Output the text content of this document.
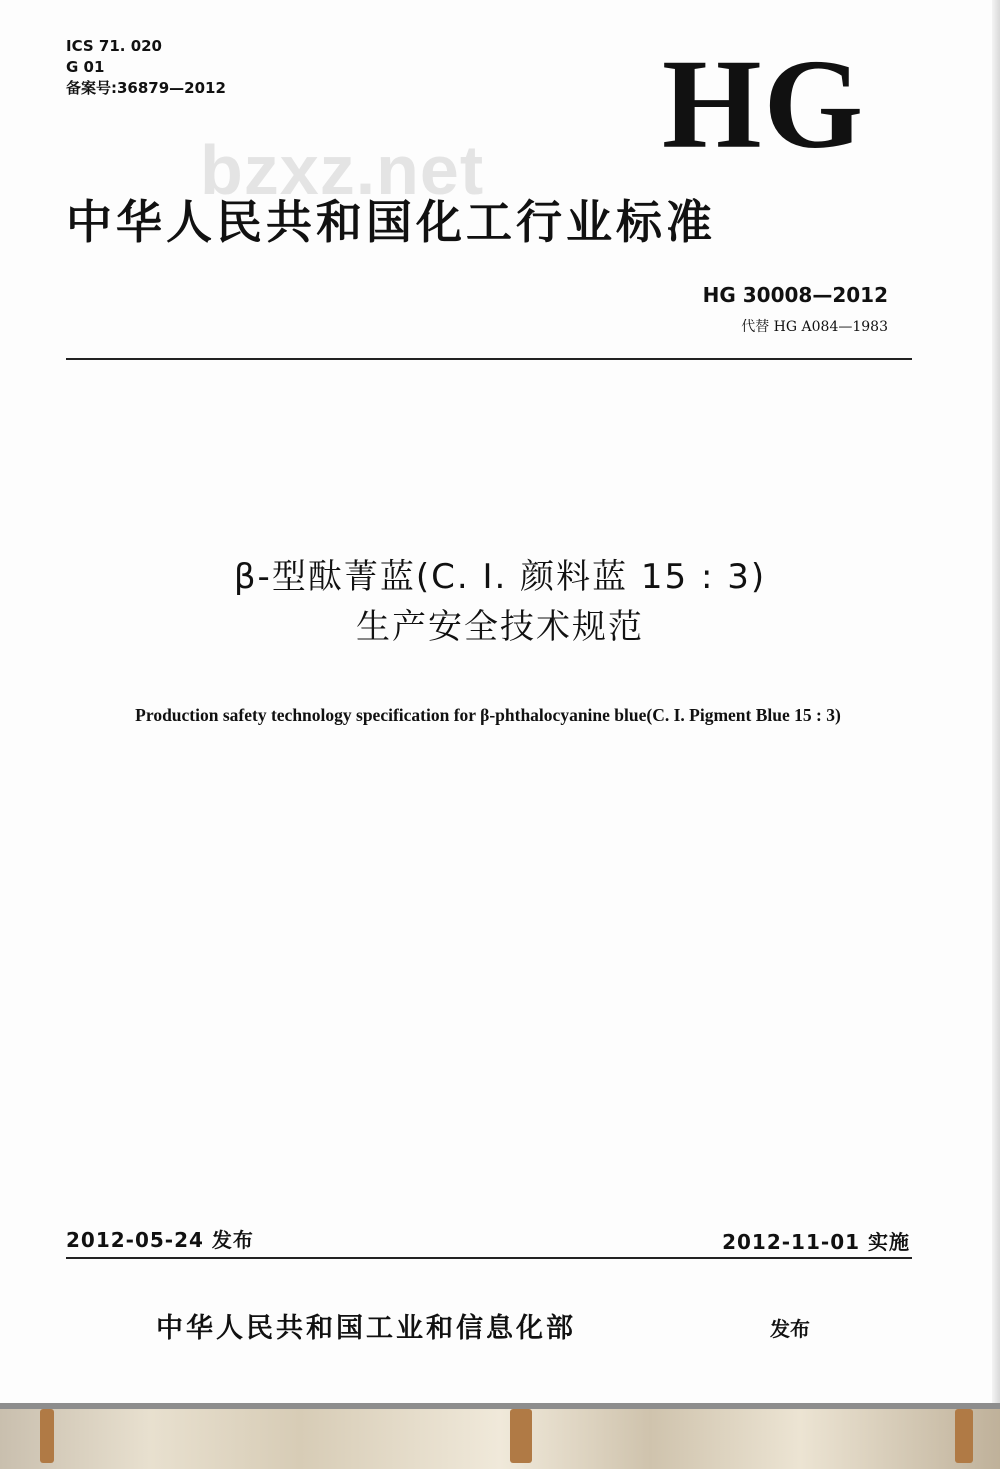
ICS 71. 020
G 01
备案号:36879—2012	HG
bzxz.net
中华人民共和国化工行业标准
HG 30008—2012
代替 HG A084—1983
β-型酞菁蓝(C. I. 颜料蓝 15 : 3)
生产安全技术规范
Production safety technology specification for β-phthalocyanine blue(C. I. Pigment Blue 15 : 3)
2012-05-24 发布	2012-11-01 实施
中华人民共和国工业和信息化部	发布
